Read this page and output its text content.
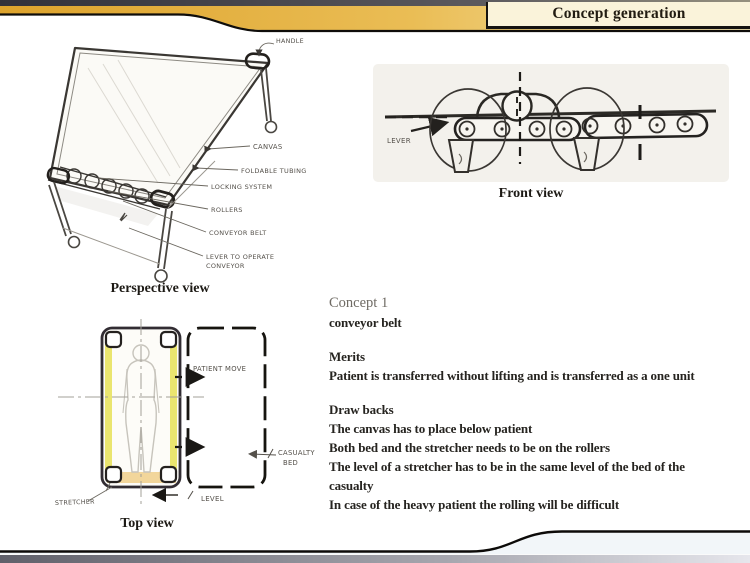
Concept generation
HANDLE
CANVAS
FOLDABLE TUBING
LOCKING SYSTEM
ROLLERS
CONVEYOR BELT
LEVER TO OPERATE
CONVEYOR
Perspective view
LEVER
Front view
PATIENT MOVE
CASUALTY
BED
LEVEL
STRETCHER
Top view
Concept 1
conveyor belt
Merits
Patient is transferred without lifting and is transferred as a one unit
Draw backs
The canvas has to place below patient
Both bed and the stretcher needs to be on the rollers
The level of a stretcher has to be in the same level of the bed of the
casualty
In case of the heavy patient the rolling will be difficult
